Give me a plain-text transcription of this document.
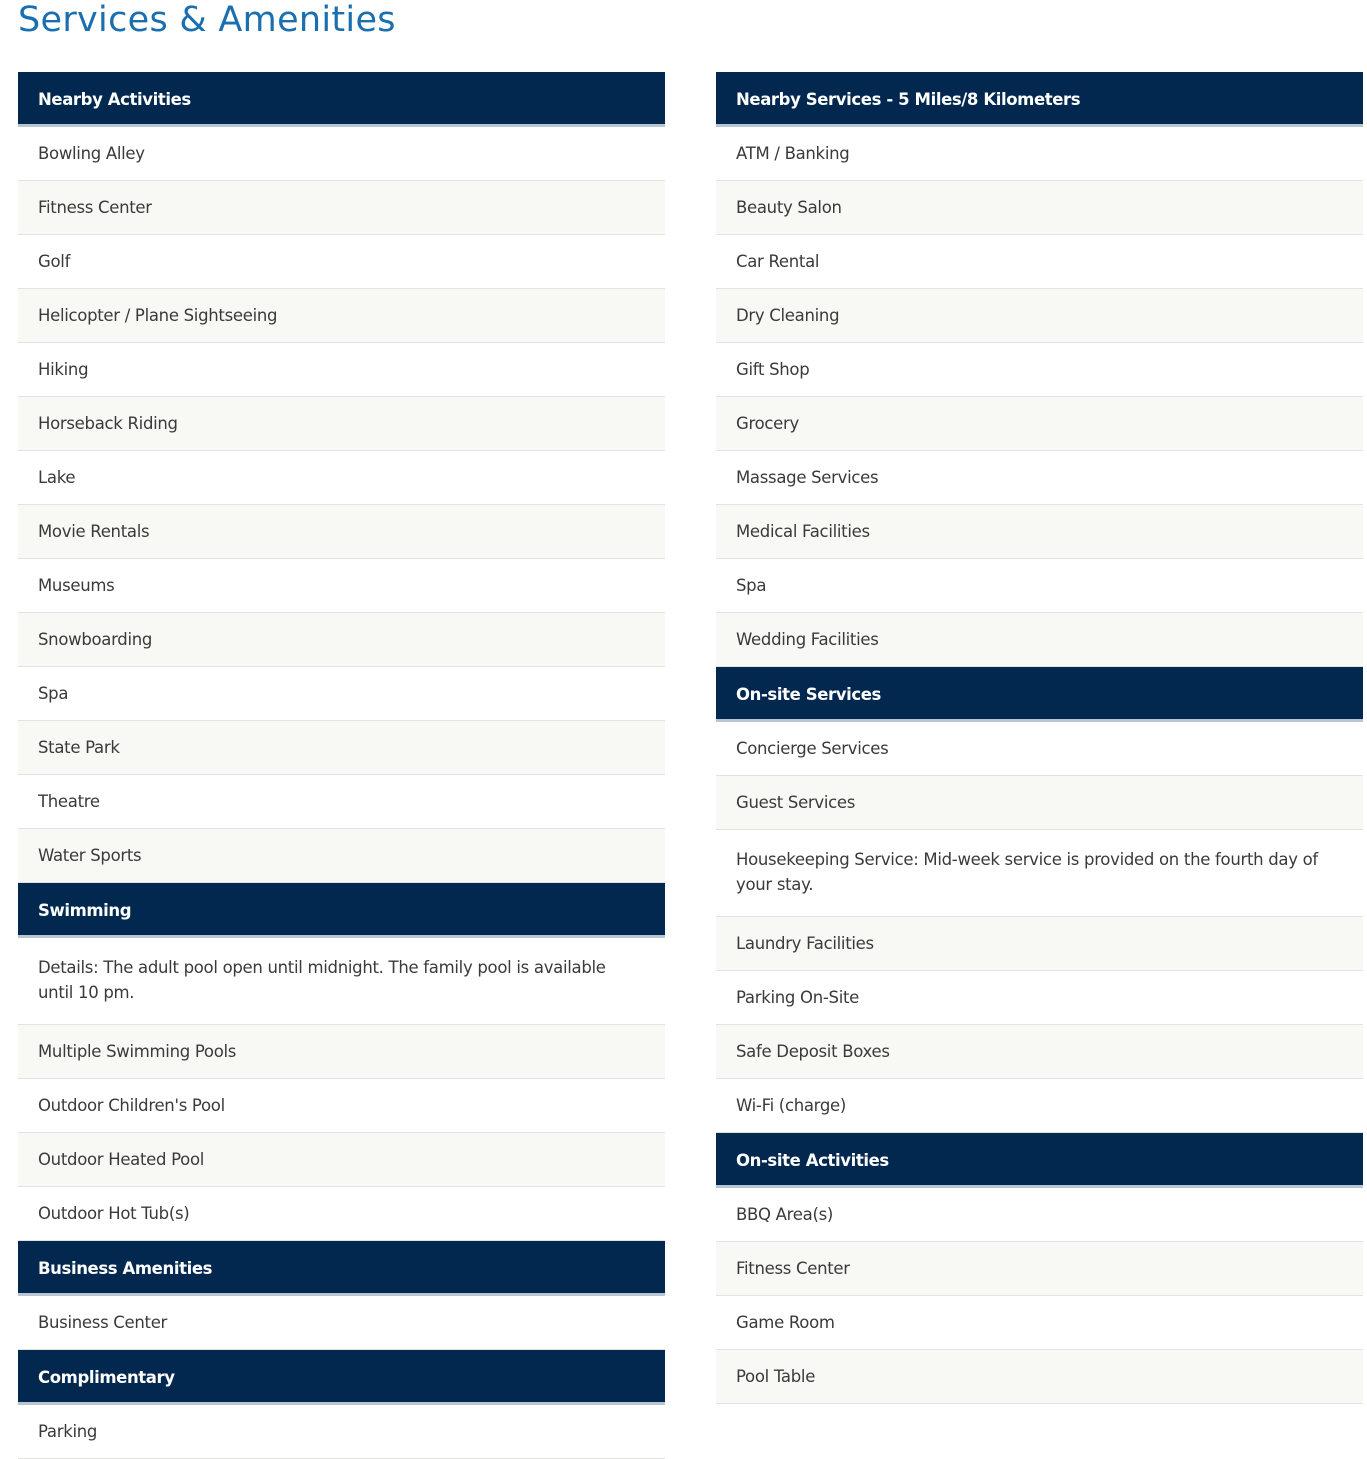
Services & Amenities
Nearby Activities
Bowling Alley
Fitness Center
Golf
Helicopter / Plane Sightseeing
Hiking
Horseback Riding
Lake
Movie Rentals
Museums
Snowboarding
Spa
State Park
Theatre
Water Sports
Swimming
Details: The adult pool open until midnight. The family pool is available until 10 pm.
Multiple Swimming Pools
Outdoor Children's Pool
Outdoor Heated Pool
Outdoor Hot Tub(s)
Business Amenities
Business Center
Complimentary
Parking
Nearby Services - 5 Miles/8 Kilometers
ATM / Banking
Beauty Salon
Car Rental
Dry Cleaning
Gift Shop
Grocery
Massage Services
Medical Facilities
Spa
Wedding Facilities
On-site Services
Concierge Services
Guest Services
Housekeeping Service: Mid-week service is provided on the fourth day of your stay.
Laundry Facilities
Parking On-Site
Safe Deposit Boxes
Wi-Fi (charge)
On-site Activities
BBQ Area(s)
Fitness Center
Game Room
Pool Table
